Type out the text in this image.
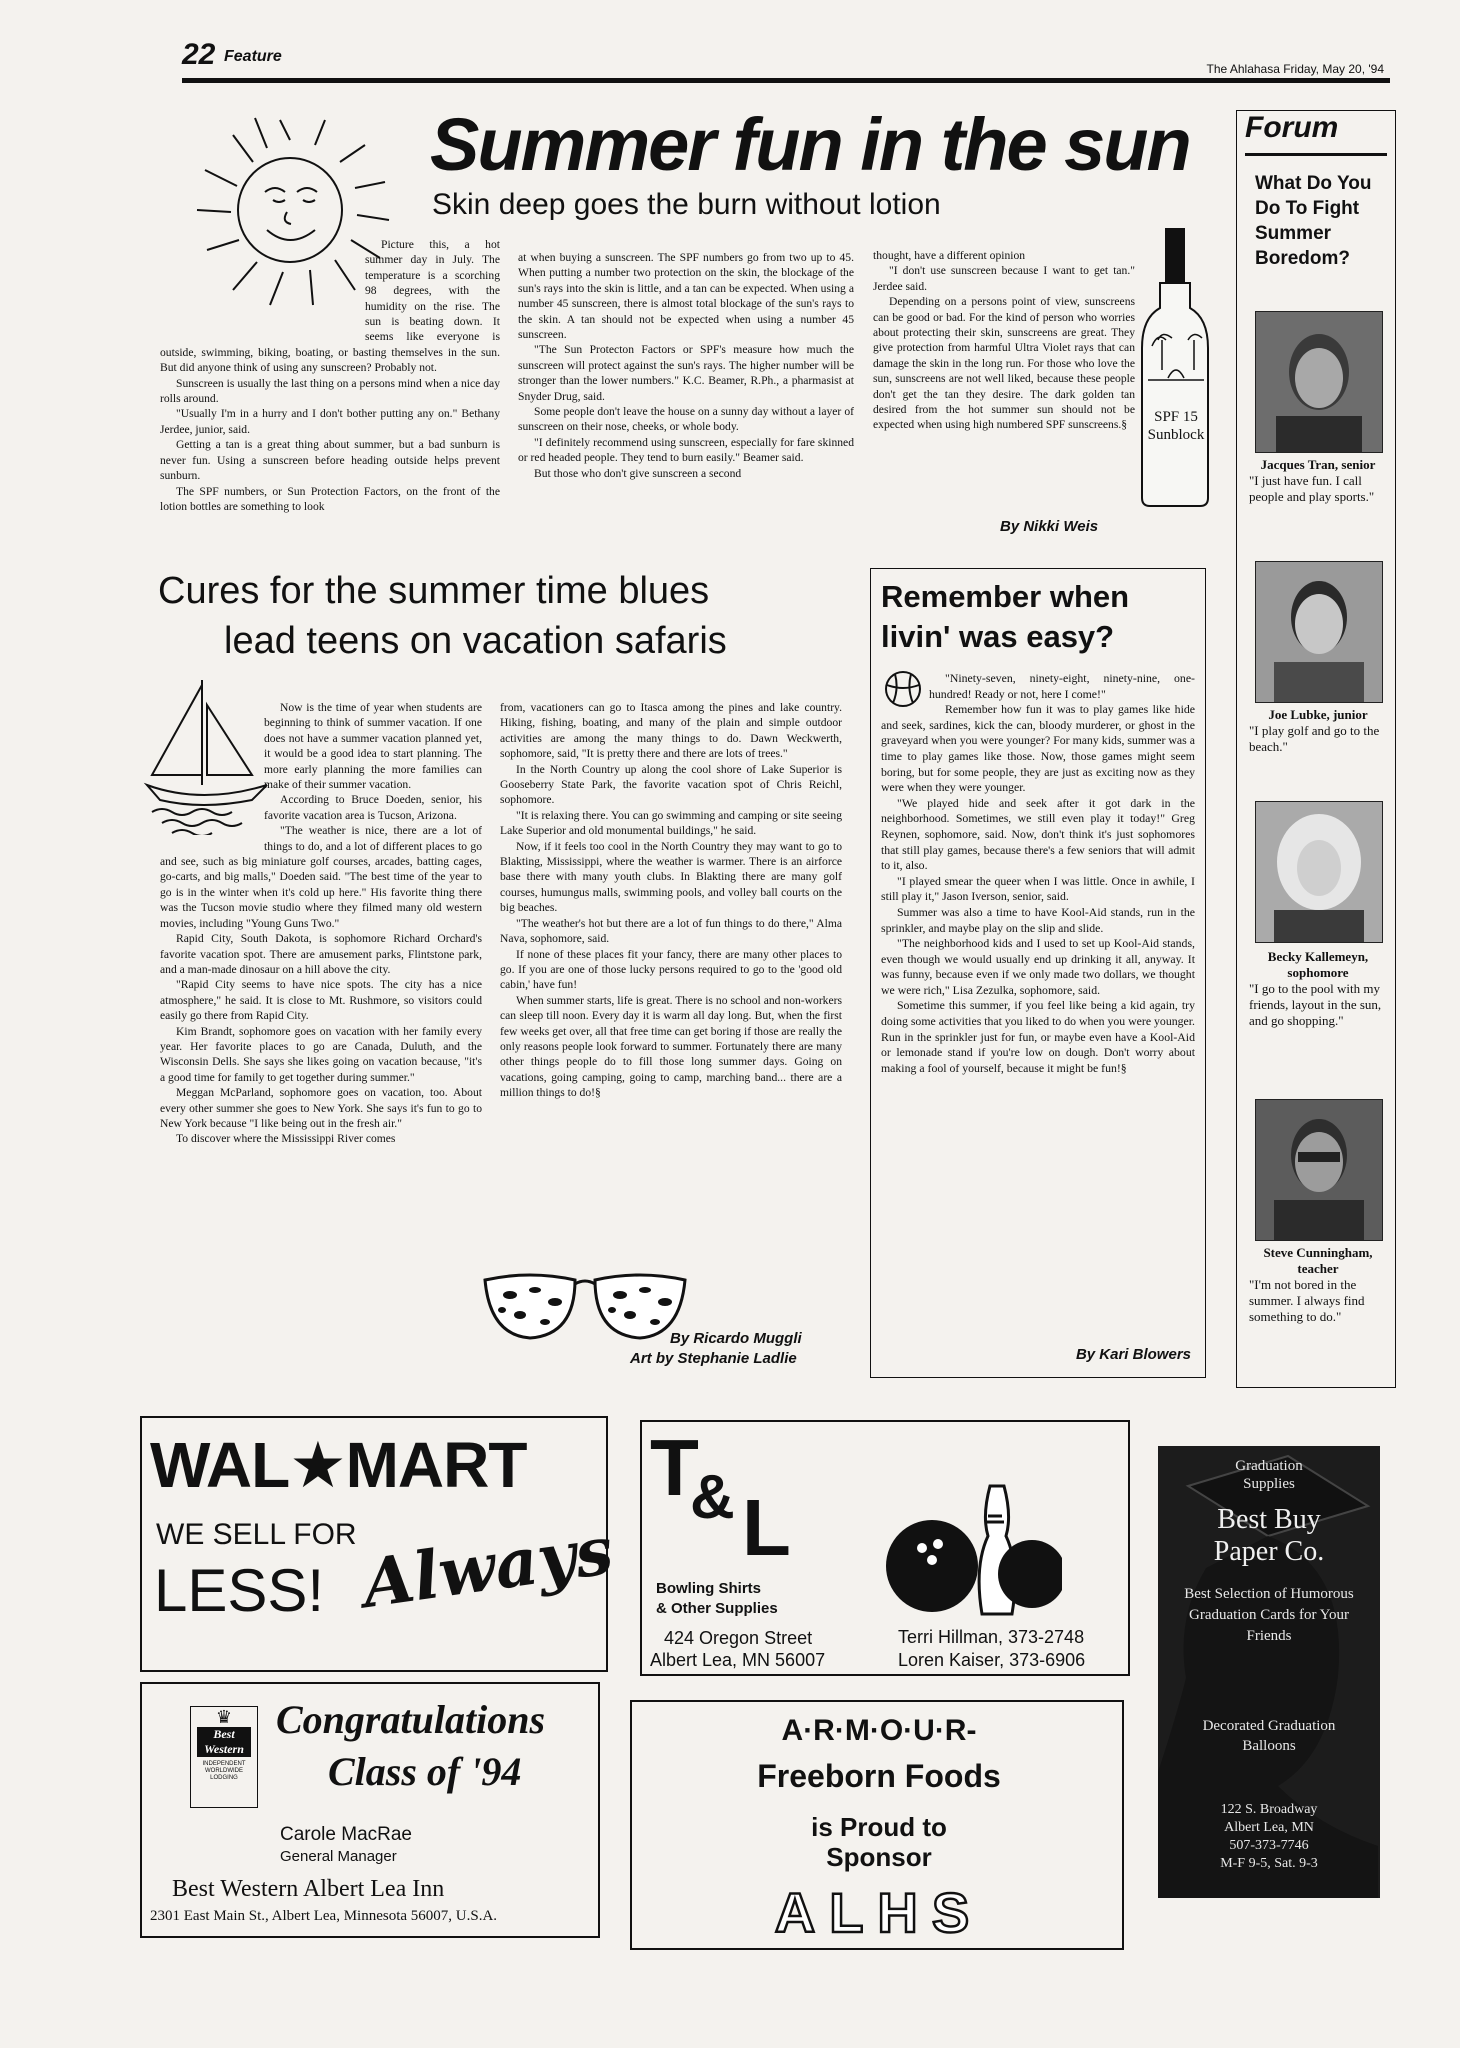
22 Feature
The Ahlahasa Friday, May 20, '94
Summer fun in the sun
Skin deep goes the burn without lotion

Picture this, a hot summer day in July. The temperature is a scorching 98 degrees, with the humidity on the rise. The sun is beating down. It seems like everyone is outside, swimming, biking, boating, or basting themselves in the sun. But did anyone think of using any sunscreen? Probably not.

Sunscreen is usually the last thing on a persons mind when a nice day rolls around.

"Usually I'm in a hurry and I don't bother putting any on." Bethany Jerdee, junior, said.

Getting a tan is a great thing about summer, but a bad sunburn is never fun. Using a sunscreen before heading outside helps prevent sunburn.

The SPF numbers, or Sun Protection Factors, on the front of the lotion bottles are something to look

at when buying a sunscreen. The SPF numbers go from two up to 45. When putting a number two protection on the skin, the blockage of the sun's rays into the skin is little, and a tan can be expected. When using a number 45 sunscreen, there is almost total blockage of the sun's rays to the skin. A tan should not be expected when using a number 45 sunscreen.

"The Sun Protecton Factors or SPF's measure how much the sunscreen will protect against the sun's rays. The higher number will be stronger than the lower numbers." K.C. Beamer, R.Ph., a pharmasist at Snyder Drug, said.

Some people don't leave the house on a sunny day without a layer of sunscreen on their nose, cheeks, or whole body.

"I definitely recommend using sunscreen, especially for fare skinned or red headed people. They tend to burn easily." Beamer said.

But those who don't give sunscreen a second

thought, have a different opinion

"I don't use sunscreen because I want to get tan." Jerdee said.

Depending on a persons point of view, sunscreens can be good or bad. For the kind of person who worries about protecting their skin, sunscreens are great. They give protection from harmful Ultra Violet rays that can damage the skin in the long run. For those who love the sun, sunscreens are not well liked, because these people don't get the tan they desire. The dark golden tan desired from the hot summer sun should not be expected when using high numbered SPF sunscreens.§	SPF 15 Sunblock
By Nikki Weis
Cures for the summer time blues
lead teens on vacation safaris

Now is the time of year when students are beginning to think of summer vacation. If one does not have a summer vacation planned yet, it would be a good idea to start planning. The more early planning the more families can make of their summer vacation.

According to Bruce Doeden, senior, his favorite vacation area is Tucson, Arizona.

"The weather is nice, there are a lot of things to do, and a lot of different places to go and see, such as big miniature golf courses, arcades, batting cages, go-carts, and big malls," Doeden said. "The best time of the year to go is in the winter when it's cold up here." His favorite thing there was the Tucson movie studio where they filmed many old western movies, including "Young Guns Two."

Rapid City, South Dakota, is sophomore Richard Orchard's favorite vacation spot. There are amusement parks, Flintstone park, and a man-made dinosaur on a hill above the city.

"Rapid City seems to have nice spots. The city has a nice atmosphere," he said. It is close to Mt. Rushmore, so visitors could easily go there from Rapid City.

Kim Brandt, sophomore goes on vacation with her family every year. Her favorite places to go are Canada, Duluth, and the Wisconsin Dells. She says she likes going on vacation because, "it's a good time for family to get together during summer."

Meggan McParland, sophomore goes on vacation, too. About every other summer she goes to New York. She says it's fun to go to New York because "I like being out in the fresh air."

To discover where the Mississippi River comes

from, vacationers can go to Itasca among the pines and lake country. Hiking, fishing, boating, and many of the plain and simple outdoor activities are among the many things to do. Dawn Weckwerth, sophomore, said, "It is pretty there and there are lots of trees."

In the North Country up along the cool shore of Lake Superior is Gooseberry State Park, the favorite vacation spot of Chris Reichl, sophomore.

"It is relaxing there. You can go swimming and camping or site seeing Lake Superior and old monumental buildings," he said.

Now, if it feels too cool in the North Country they may want to go to Blakting, Mississippi, where the weather is warmer. There is an airforce base there with many youth clubs. In Blakting there are many golf courses, humungus malls, swimming pools, and volley ball courts on the big beaches.

"The weather's hot but there are a lot of fun things to do there," Alma Nava, sophomore, said.

If none of these places fit your fancy, there are many other places to go. If you are one of those lucky persons required to go to the 'good old cabin,' have fun!

When summer starts, life is great. There is no school and non-workers can sleep till noon. Every day it is warm all day long. But, when the first few weeks get over, all that free time can get boring if those are really the only reasons people look forward to summer. Fortunately there are many other things people do to fill those long summer days. Going on vacations, going camping, going to camp, marching band... there are a million things to do!§

By Ricardo Muggli
Art by Stephanie Ladlie
Remember when livin' was easy?

"Ninety-seven, ninety-eight, ninety-nine, one- hundred! Ready or not, here I come!"

Remember how fun it was to play games like hide and seek, sardines, kick the can, bloody murderer, or ghost in the graveyard when you were younger? For many kids, summer was a time to play games like those. Now, those games might seem boring, but for some people, they are just as exciting now as they were when they were younger.

"We played hide and seek after it got dark in the neighborhood. Sometimes, we still even play it today!" Greg Reynen, sophomore, said. Now, don't think it's just sophomores that still play games, because there's a few seniors that will admit to it, also.

"I played smear the queer when I was little. Once in awhile, I still play it," Jason Iverson, senior, said.

Summer was also a time to have Kool-Aid stands, run in the sprinkler, and maybe play on the slip and slide.

"The neighborhood kids and I used to set up Kool-Aid stands, even though we would usually end up drinking it all, anyway. It was funny, because even if we only made two dollars, we thought we were rich," Lisa Zezulka, sophomore, said.

Sometime this summer, if you feel like being a kid again, try doing some activities that you liked to do when you were younger. Run in the sprinkler just for fun, or maybe even have a Kool-Aid or lemonade stand if you're low on dough. Don't worry about making a fool of yourself, because it might be fun!§

By Kari Blowers
Forum
What Do You Do To Fight Summer Boredom?
Jacques Tran, senior
"I just have fun. I call people and play sports."
Joe Lubke, junior
"I play golf and go to the beach."
Becky Kallemeyn, sophomore
"I go to the pool with my friends, layout in the sun, and go shopping."
Steve Cunningham, teacher
"I'm not bored in the summer. I always find something to do."
WAL★MART
WE SELL FOR
LESS! Always
T
& L
Bowling Shirts
& Other Supplies
424 Oregon Street
Albert Lea, MN 56007
Terri Hillman, 373-2748
Loren Kaiser, 373-6906
Graduation
Supplies
Best Buy
Paper Co.
Best Selection of Humorous Graduation Cards for Your Friends
Decorated Graduation Balloons
122 S. Broadway
Albert Lea, MN
507-373-7746
M-F 9-5, Sat. 9-3
♛
Best
Western
INDEPENDENT WORLDWIDE LODGING
Congratulations
Class of '94
Carole MacRae
General Manager
Best Western Albert Lea Inn
2301 East Main St., Albert Lea, Minnesota 56007, U.S.A.
A·R·M·O·U·R-
Freeborn Foods
is Proud to
Sponsor
ALHS
